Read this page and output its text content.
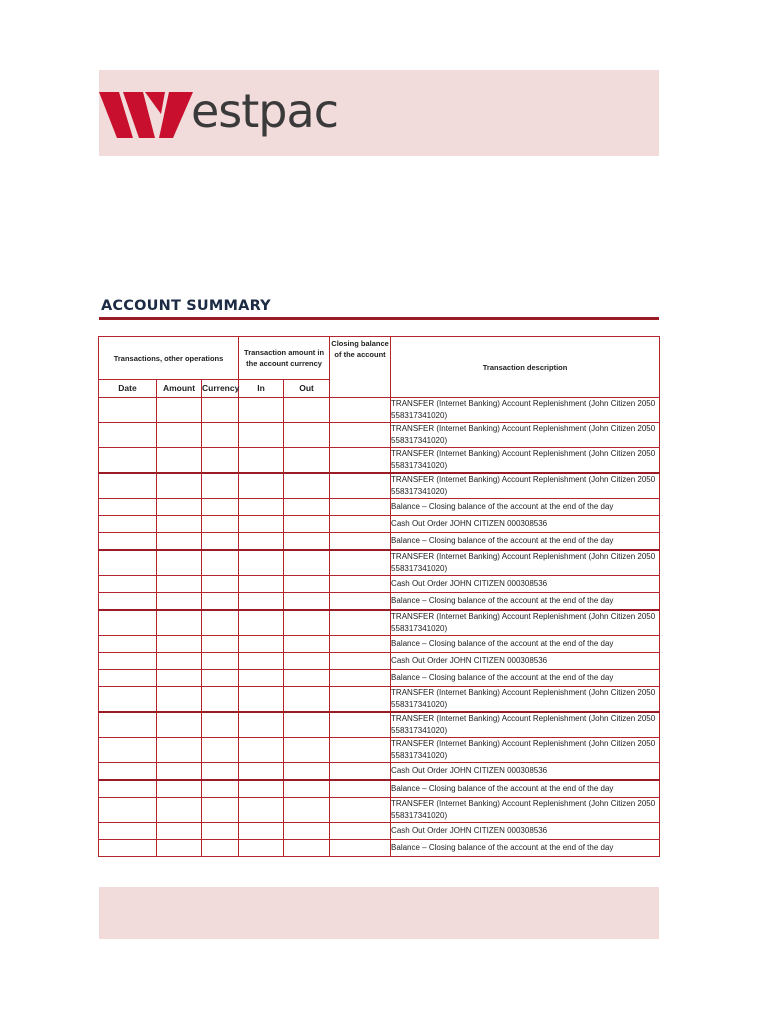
estpac
ACCOUNT SUMMARY
Transactions, other operations			Transaction amount in the account currency		Closing balance of the account	Transaction description
Date	Amount	Currency	In	Out		
						TRANSFER (Internet Banking) Account Replenishment (John Citizen 2050558317341020)
						TRANSFER (Internet Banking) Account Replenishment (John Citizen 2050558317341020)
						TRANSFER (Internet Banking) Account Replenishment (John Citizen 2050558317341020)
						TRANSFER (Internet Banking) Account Replenishment (John Citizen 2050558317341020)
						Balance – Closing balance of the account at the end of the day
						Cash Out Order JOHN CITIZEN 000308536
						Balance – Closing balance of the account at the end of the day
						TRANSFER (Internet Banking) Account Replenishment (John Citizen 2050558317341020)
						Cash Out Order JOHN CITIZEN 000308536
						Balance – Closing balance of the account at the end of the day
						TRANSFER (Internet Banking) Account Replenishment (John Citizen 2050558317341020)
						Balance – Closing balance of the account at the end of the day
						Cash Out Order JOHN CITIZEN 000308536
						Balance – Closing balance of the account at the end of the day
						TRANSFER (Internet Banking) Account Replenishment (John Citizen 2050558317341020)
						TRANSFER (Internet Banking) Account Replenishment (John Citizen 2050558317341020)
						TRANSFER (Internet Banking) Account Replenishment (John Citizen 2050558317341020)
						Cash Out Order JOHN CITIZEN 000308536
						Balance – Closing balance of the account at the end of the day
						TRANSFER (Internet Banking) Account Replenishment (John Citizen 2050558317341020)
						Cash Out Order JOHN CITIZEN 000308536
						Balance – Closing balance of the account at the end of the day
